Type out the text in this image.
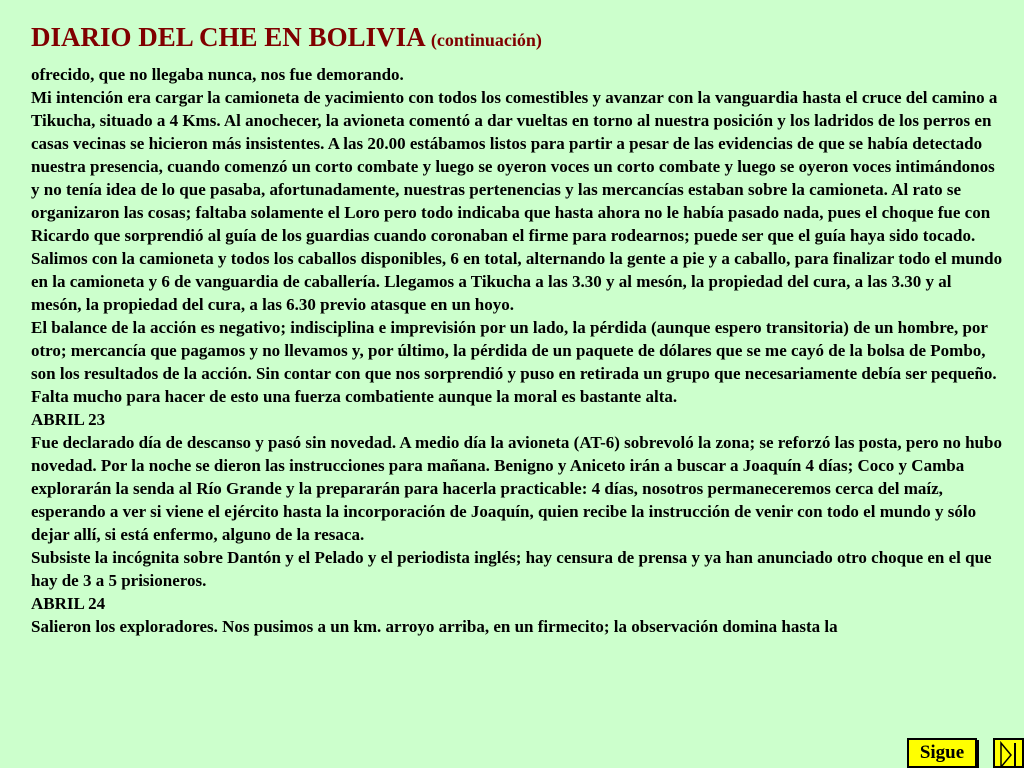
DIARIO DEL CHE EN BOLIVIA (continuación)

ofrecido, que no llegaba nunca, nos fue demorando.

Mi intención era cargar la camioneta de yacimiento con todos los comestibles y avanzar con la vanguardia hasta el cruce del camino a Tikucha, situado a 4 Kms. Al anochecer, la avioneta comentó a dar vueltas en torno al nuestra posición y los ladridos de los perros en casas vecinas se hicieron más insistentes. A las 20.00 estábamos listos para partir a pesar de las evidencias de que se había detectado nuestra presencia, cuando comenzó un corto combate y luego se oyeron voces un corto combate y luego se oyeron voces intimándonos y no tenía idea de lo que pasaba, afortunadamente, nuestras pertenencias y las mercancías estaban sobre la camioneta. Al rato se organizaron las cosas; faltaba solamente el Loro pero todo indicaba que hasta ahora no le había pasado nada, pues el choque fue con Ricardo que sorprendió al guía de los guardias cuando coronaban el firme para rodearnos; puede ser que el guía haya sido tocado.

Salimos con la camioneta y todos los caballos disponibles, 6 en total, alternando la gente a pie y a caballo, para finalizar todo el mundo en la camioneta y 6 de vanguardia de caballería. Llegamos a Tikucha a las 3.30 y al mesón, la propiedad del cura, a las 3.30 y al mesón, la propiedad del cura, a las 6.30 previo atasque en un hoyo.

El balance de la acción es negativo; indisciplina e imprevisión por un lado, la pérdida (aunque espero transitoria) de un hombre, por otro; mercancía que pagamos y no llevamos y, por último, la pérdida de un paquete de dólares que se me cayó de la bolsa de Pombo, son los resultados de la acción. Sin contar con que nos sorprendió y puso en retirada un grupo que necesariamente debía ser pequeño. Falta mucho para hacer de esto una fuerza combatiente aunque la moral es bastante alta.

ABRIL 23

Fue declarado día de descanso y pasó sin novedad. A medio día la avioneta (AT-6) sobrevoló la zona; se reforzó las posta, pero no hubo novedad. Por la noche se dieron las instrucciones para mañana. Benigno y Aniceto irán a buscar a Joaquín 4 días; Coco y Camba explorarán la senda al Río Grande y la prepararán para hacerla practicable: 4 días, nosotros permaneceremos cerca del maíz, esperando a ver si viene el ejército hasta la incorporación de Joaquín, quien recibe la instrucción de venir con todo el mundo y sólo dejar allí, si está enfermo, alguno de la resaca.

Subsiste la incógnita sobre Dantón y el Pelado y el periodista inglés; hay censura de prensa y ya han anunciado otro choque en el que hay de 3 a 5 prisioneros.

ABRIL 24

Salieron los exploradores. Nos pusimos a un km. arroyo arriba, en un firmecito; la observación domina hasta la

Sigue
